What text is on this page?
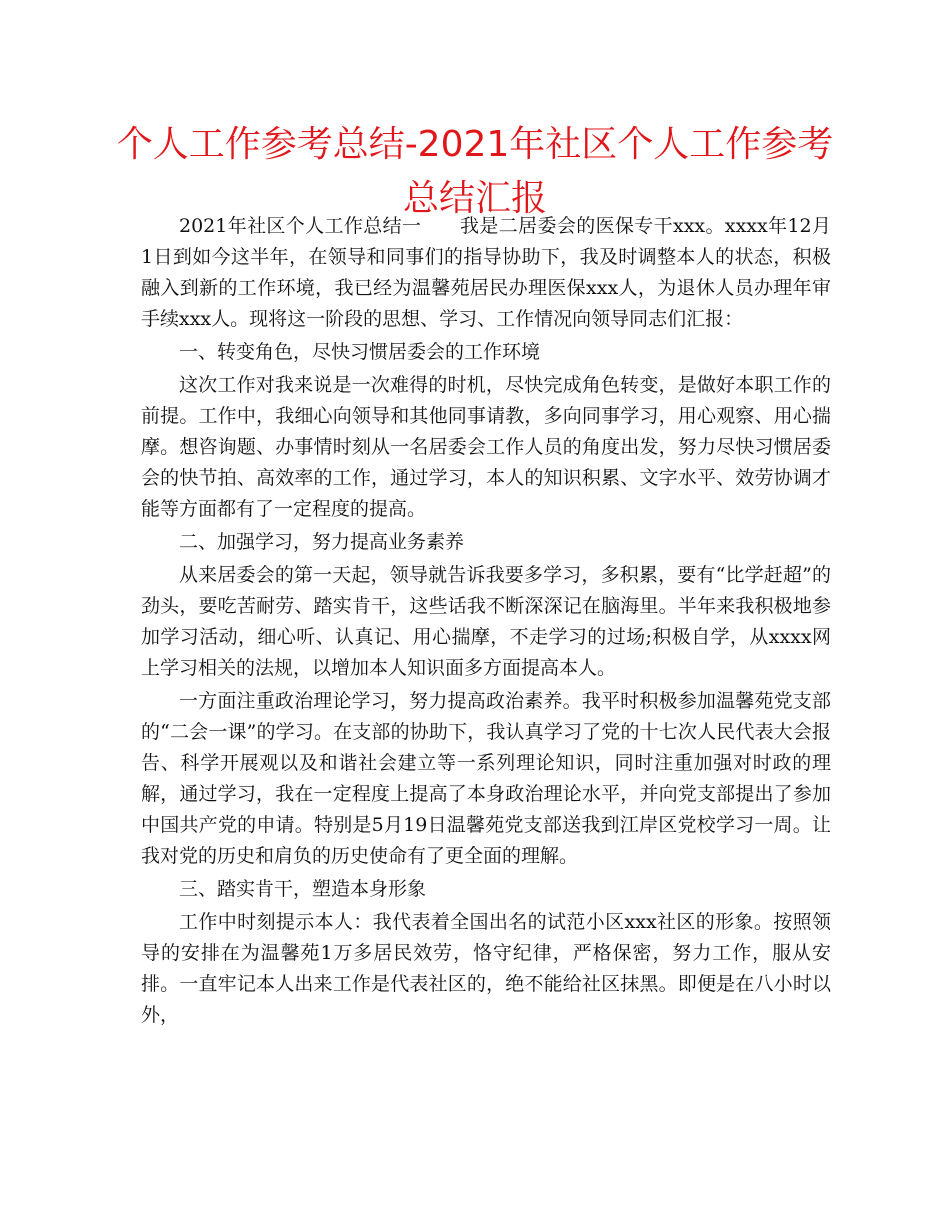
个人工作参考总结-2021年社区个人工作参考总结汇报

2021年社区个人工作总结一　　我是二居委会的医保专干xxx。xxxx年12月1日到如今这半年，在领导和同事们的指导协助下，我及时调整本人的状态，积极融入到新的工作环境，我已经为温馨苑居民办理医保xxx人，为退休人员办理年审手续xxx人。现将这一阶段的思想、学习、工作情况向领导同志们汇报：

一、转变角色，尽快习惯居委会的工作环境

这次工作对我来说是一次难得的时机，尽快完成角色转变，是做好本职工作的前提。工作中，我细心向领导和其他同事请教，多向同事学习，用心观察、用心揣摩。想咨询题、办事情时刻从一名居委会工作人员的角度出发，努力尽快习惯居委会的快节拍、高效率的工作，通过学习，本人的知识积累、文字水平、效劳协调才能等方面都有了一定程度的提高。

二、加强学习，努力提高业务素养

从来居委会的第一天起，领导就告诉我要多学习，多积累，要有“比学赶超”的劲头，要吃苦耐劳、踏实肯干，这些话我不断深深记在脑海里。半年来我积极地参加学习活动，细心听、认真记、用心揣摩，不走学习的过场;积极自学，从xxxx网上学习相关的法规，以增加本人知识面多方面提高本人。

一方面注重政治理论学习，努力提高政治素养。我平时积极参加温馨苑党支部的“二会一课”的学习。在支部的协助下，我认真学习了党的十七次人民代表大会报告、科学开展观以及和谐社会建立等一系列理论知识，同时注重加强对时政的理解，通过学习，我在一定程度上提高了本身政治理论水平，并向党支部提出了参加中国共产党的申请。特别是5月19日温馨苑党支部送我到江岸区党校学习一周。让我对党的历史和肩负的历史使命有了更全面的理解。

三、踏实肯干，塑造本身形象

工作中时刻提示本人：我代表着全国出名的试范小区xxx社区的形象。按照领导的安排在为温馨苑1万多居民效劳，恪守纪律，严格保密，努力工作，服从安排。一直牢记本人出来工作是代表社区的，绝不能给社区抹黑。即便是在八小时以外，
